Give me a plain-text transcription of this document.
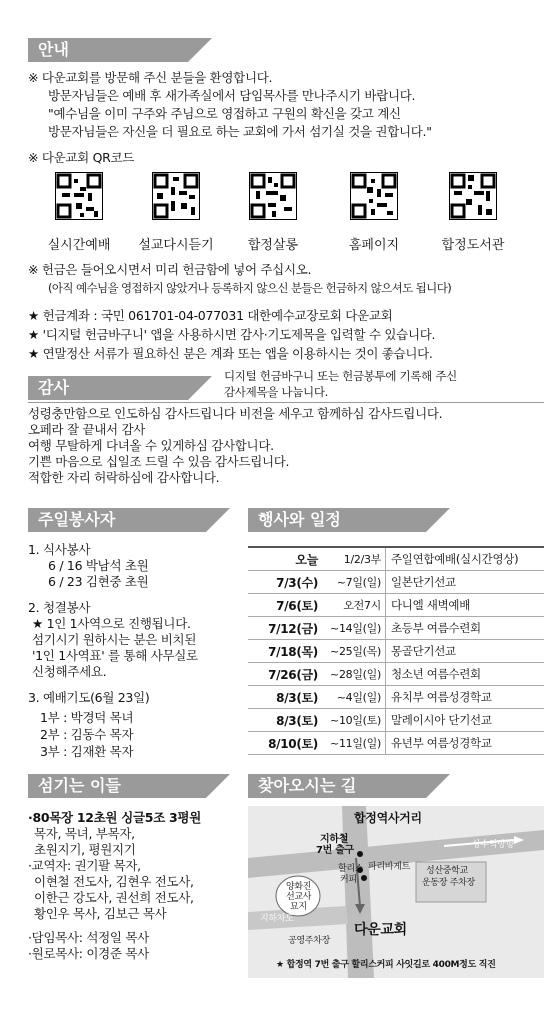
안내
※ 다운교회를 방문해 주신 분들을 환영합니다.
방문자님들은 예배 후 새가족실에서 담임목사를 만나주시기 바랍니다.
"예수님을 이미 구주와 주님으로 영접하고 구원의 확신을 갖고 계신
방문자님들은 자신을 더 필요로 하는 교회에 가서 섬기실 것을 권합니다."
※ 다운교회 QR코드
실시간예배	설교다시듣기	합정살롱	홈페이지	합정도서관
※ 헌금은 들어오시면서 미리 헌금함에 넣어 주십시오.
(아직 예수님을 영접하지 않았거나 등록하지 않으신 분들은 헌금하지 않으셔도 됩니다)
★ 헌금계좌 : 국민 061701-04-077031 대한예수교장로회 다운교회
★ '디지털 헌금바구니' 앱을 사용하시면 감사·기도제목을 입력할 수 있습니다.
★ 연말정산 서류가 필요하신 분은 계좌 또는 앱을 이용하시는 것이 좋습니다.
감사
디지털 헌금바구니 또는 헌금봉투에 기록해 주신
감사제목을 나눕니다.
성령충만함으로 인도하심 감사드립니다 비전을 세우고 함께하심 감사드립니다.
오페라 잘 끝내서 감사
여행 무탈하게 다녀올 수 있게하심 감사합니다.
기쁜 마음으로 십일조 드릴 수 있음 감사드립니다.
적합한 자리 허락하심에 감사합니다.
주일봉사자
1. 식사봉사
6 / 16 박남석 초원
6 / 23 김현중 초원
2. 청결봉사
★ 1인 1사역으로 진행됩니다.
섬기시기 원하시는 분은 비치된
'1인 1사역표' 를 통해 사무실로
신청해주세요.
3. 예배기도(6월 23일)
1부 : 박경덕 목녀
2부 : 김동수 목자
3부 : 김재환 목자
행사와 일정
오늘	1/2/3부 주일연합예배(실시간영상)
7/3(수)	~7일(일) 일본단기선교
7/6(토)	오전7시 다니엘 새벽예배
7/12(금)	~14일(일) 초등부 여름수련회
7/18(목)	~25일(목) 몽골단기선교
7/26(금)	~28일(일) 청소년 여름수련회
8/3(토)	~4일(일) 유치부 여름성경학교
8/3(토)	~10일(토) 말레이시아 단기선교
8/10(토)	~11일(일) 유년부 여름성경학교
섬기는 이들
·80목장 12초원 싱글5조 3평원
목자, 목녀, 부목자,
초원지기, 평원지기
·교역자: 권기팔 목자,
이현철 전도사, 김현우 전도사,
이한근 강도사, 권선희 전도사,
황인우 목사, 김보근 목사
·담임목사: 석정일 목사
·원로목사: 이경준 목사
찾아오시는 길
합정역사거리
지하철
7번 출구
파리바게트
할리스
커피
상수역방향
성산중학교
운동장 주차장
양화진
선교사
묘지
지하차도
공영주차장
다운교회
★ 합정역 7번 출구 할리스커피 사잇길로 400M정도 직진
